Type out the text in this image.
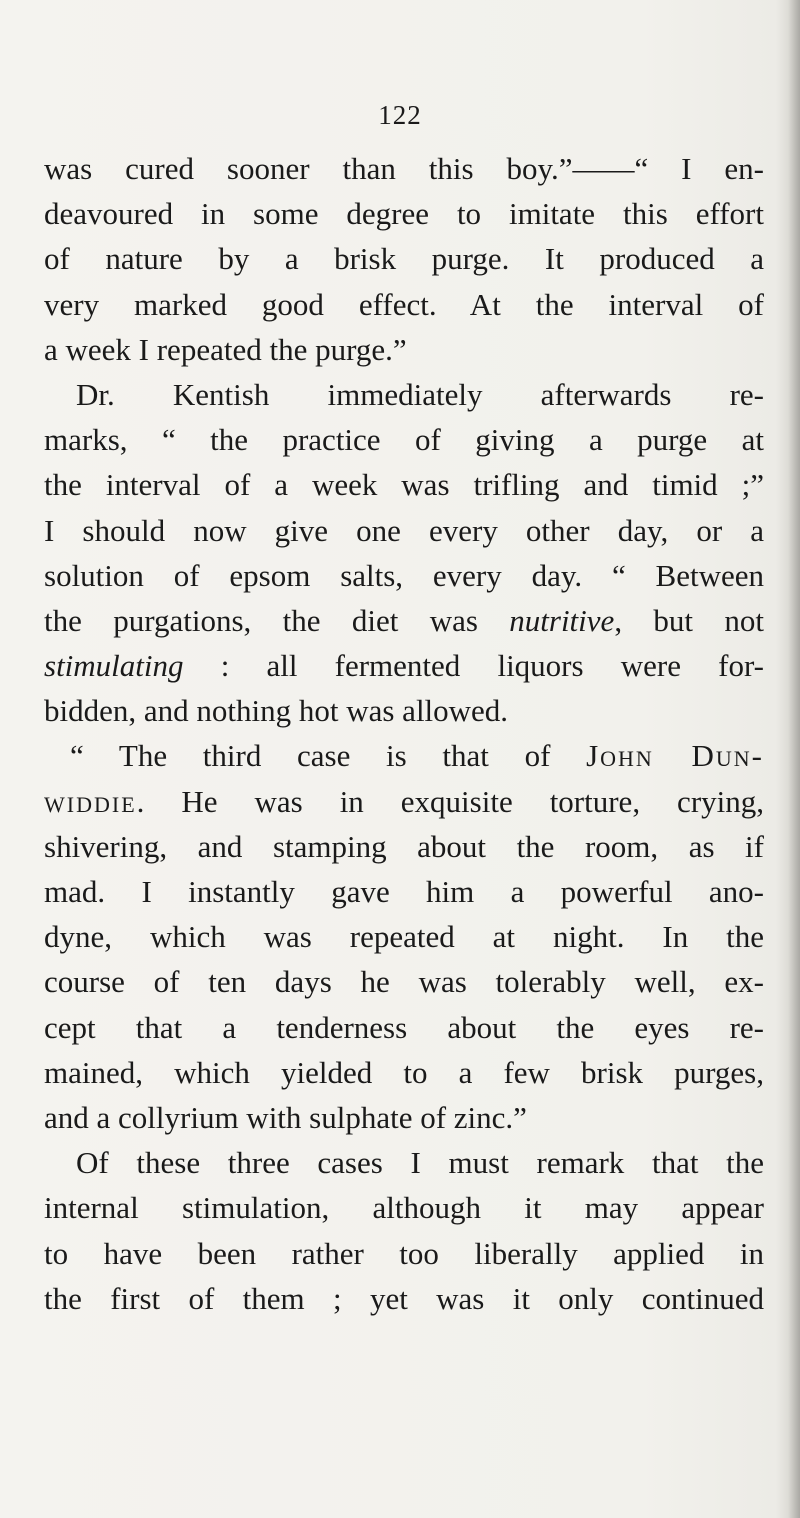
122
was cured sooner than this boy.”——“ I en-
deavoured in some degree to imitate this effort
of nature by a brisk purge. It produced a
very marked good effect. At the interval of
a week I repeated the purge.”
Dr. Kentish immediately afterwards re-
marks, “ the practice of giving a purge at
the interval of a week was trifling and timid ;”
I should now give one every other day, or a
solution of epsom salts, every day. “ Between
the purgations, the diet was nutritive, but not
stimulating : all fermented liquors were for-
bidden, and nothing hot was allowed.
“ The third case is that of John Dun-
widdie. He was in exquisite torture, crying,
shivering, and stamping about the room, as if
mad. I instantly gave him a powerful ano-
dyne, which was repeated at night. In the
course of ten days he was tolerably well, ex-
cept that a tenderness about the eyes re-
mained, which yielded to a few brisk purges,
and a collyrium with sulphate of zinc.”
Of these three cases I must remark that the
internal stimulation, although it may appear
to have been rather too liberally applied in
the first of them ; yet was it only continued
